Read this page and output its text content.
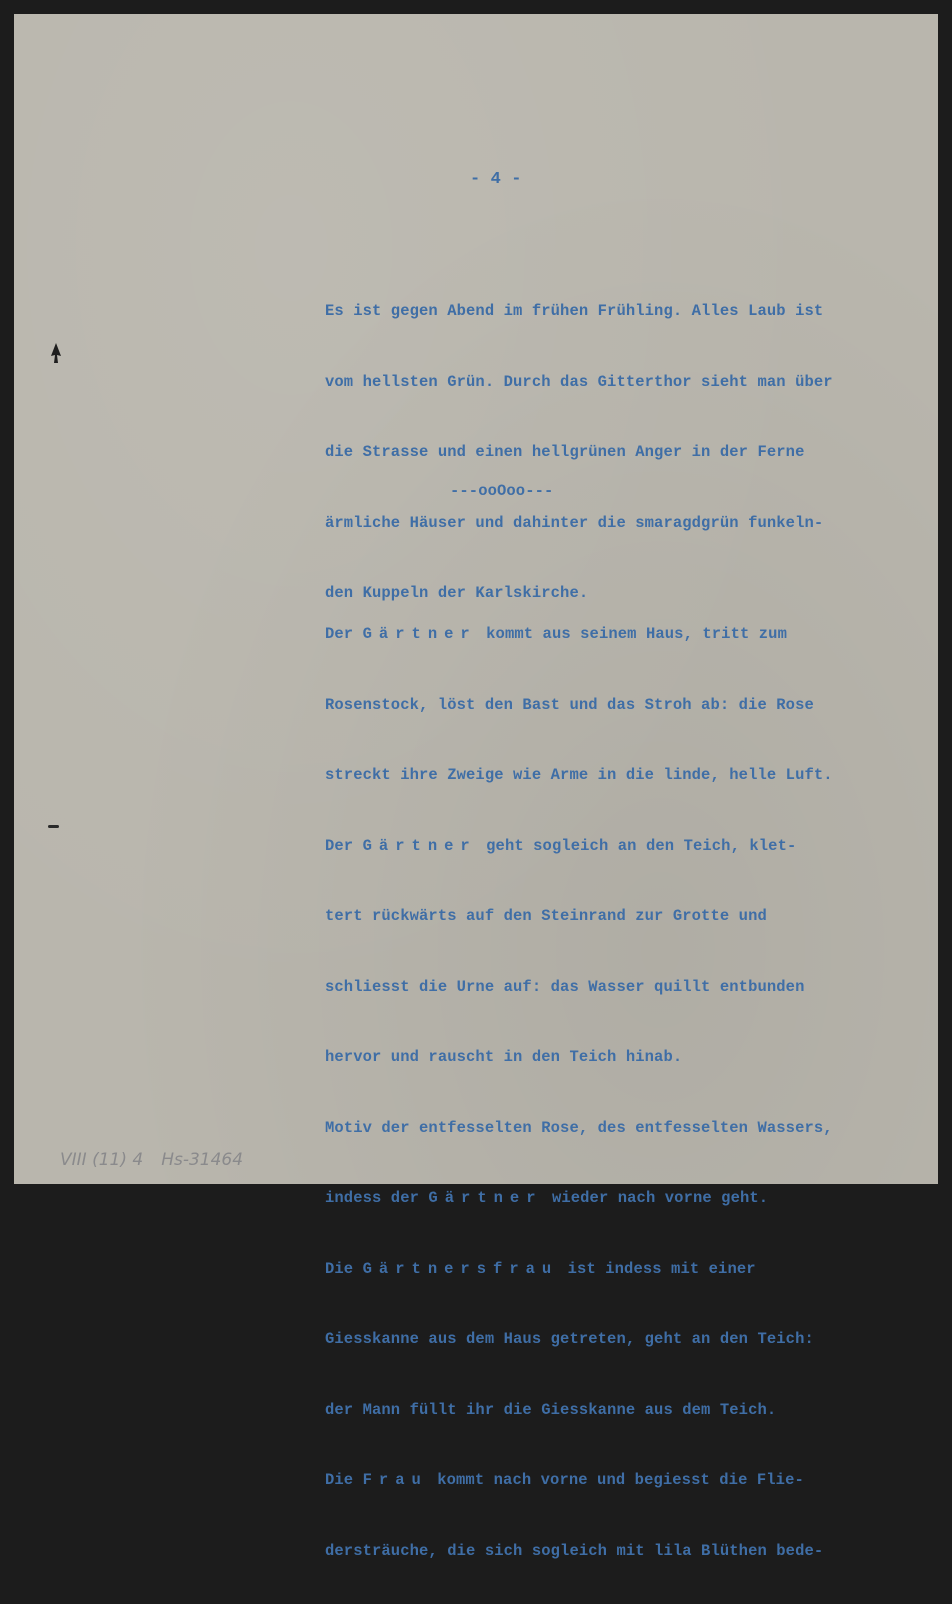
- 4 -

Es ist gegen Abend im frühen Frühling. Alles Laub ist

vom hellsten Grün. Durch das Gitterthor sieht man über

die Strasse und einen hellgrünen Anger in der Ferne

ärmliche Häuser und dahinter die smaragdgrün funkeln-

den Kuppeln der Karlskirche.

---ooOoo---

Der Gärtner kommt aus seinem Haus, tritt zum

Rosenstock, löst den Bast und das Stroh ab: die Rose

streckt ihre Zweige wie Arme in die linde, helle Luft.

Der Gärtner geht sogleich an den Teich, klet-

tert rückwärts auf den Steinrand zur Grotte und

schliesst die Urne auf: das Wasser quillt entbunden

hervor und rauscht in den Teich hinab.

Motiv der entfesselten Rose, des entfesselten Wassers,

indess der Gärtner wieder nach vorne geht.

Die Gärtnersfrau ist indess mit einer

Giesskanne aus dem Haus getreten, geht an den Teich:

der Mann füllt ihr die Giesskanne aus dem Teich.

Die Frau kommt nach vorne und begiesst die Flie-

dersträuche, die sich sogleich mit lila Blüthen bede-

VIII (11) 4 Hs-31464
